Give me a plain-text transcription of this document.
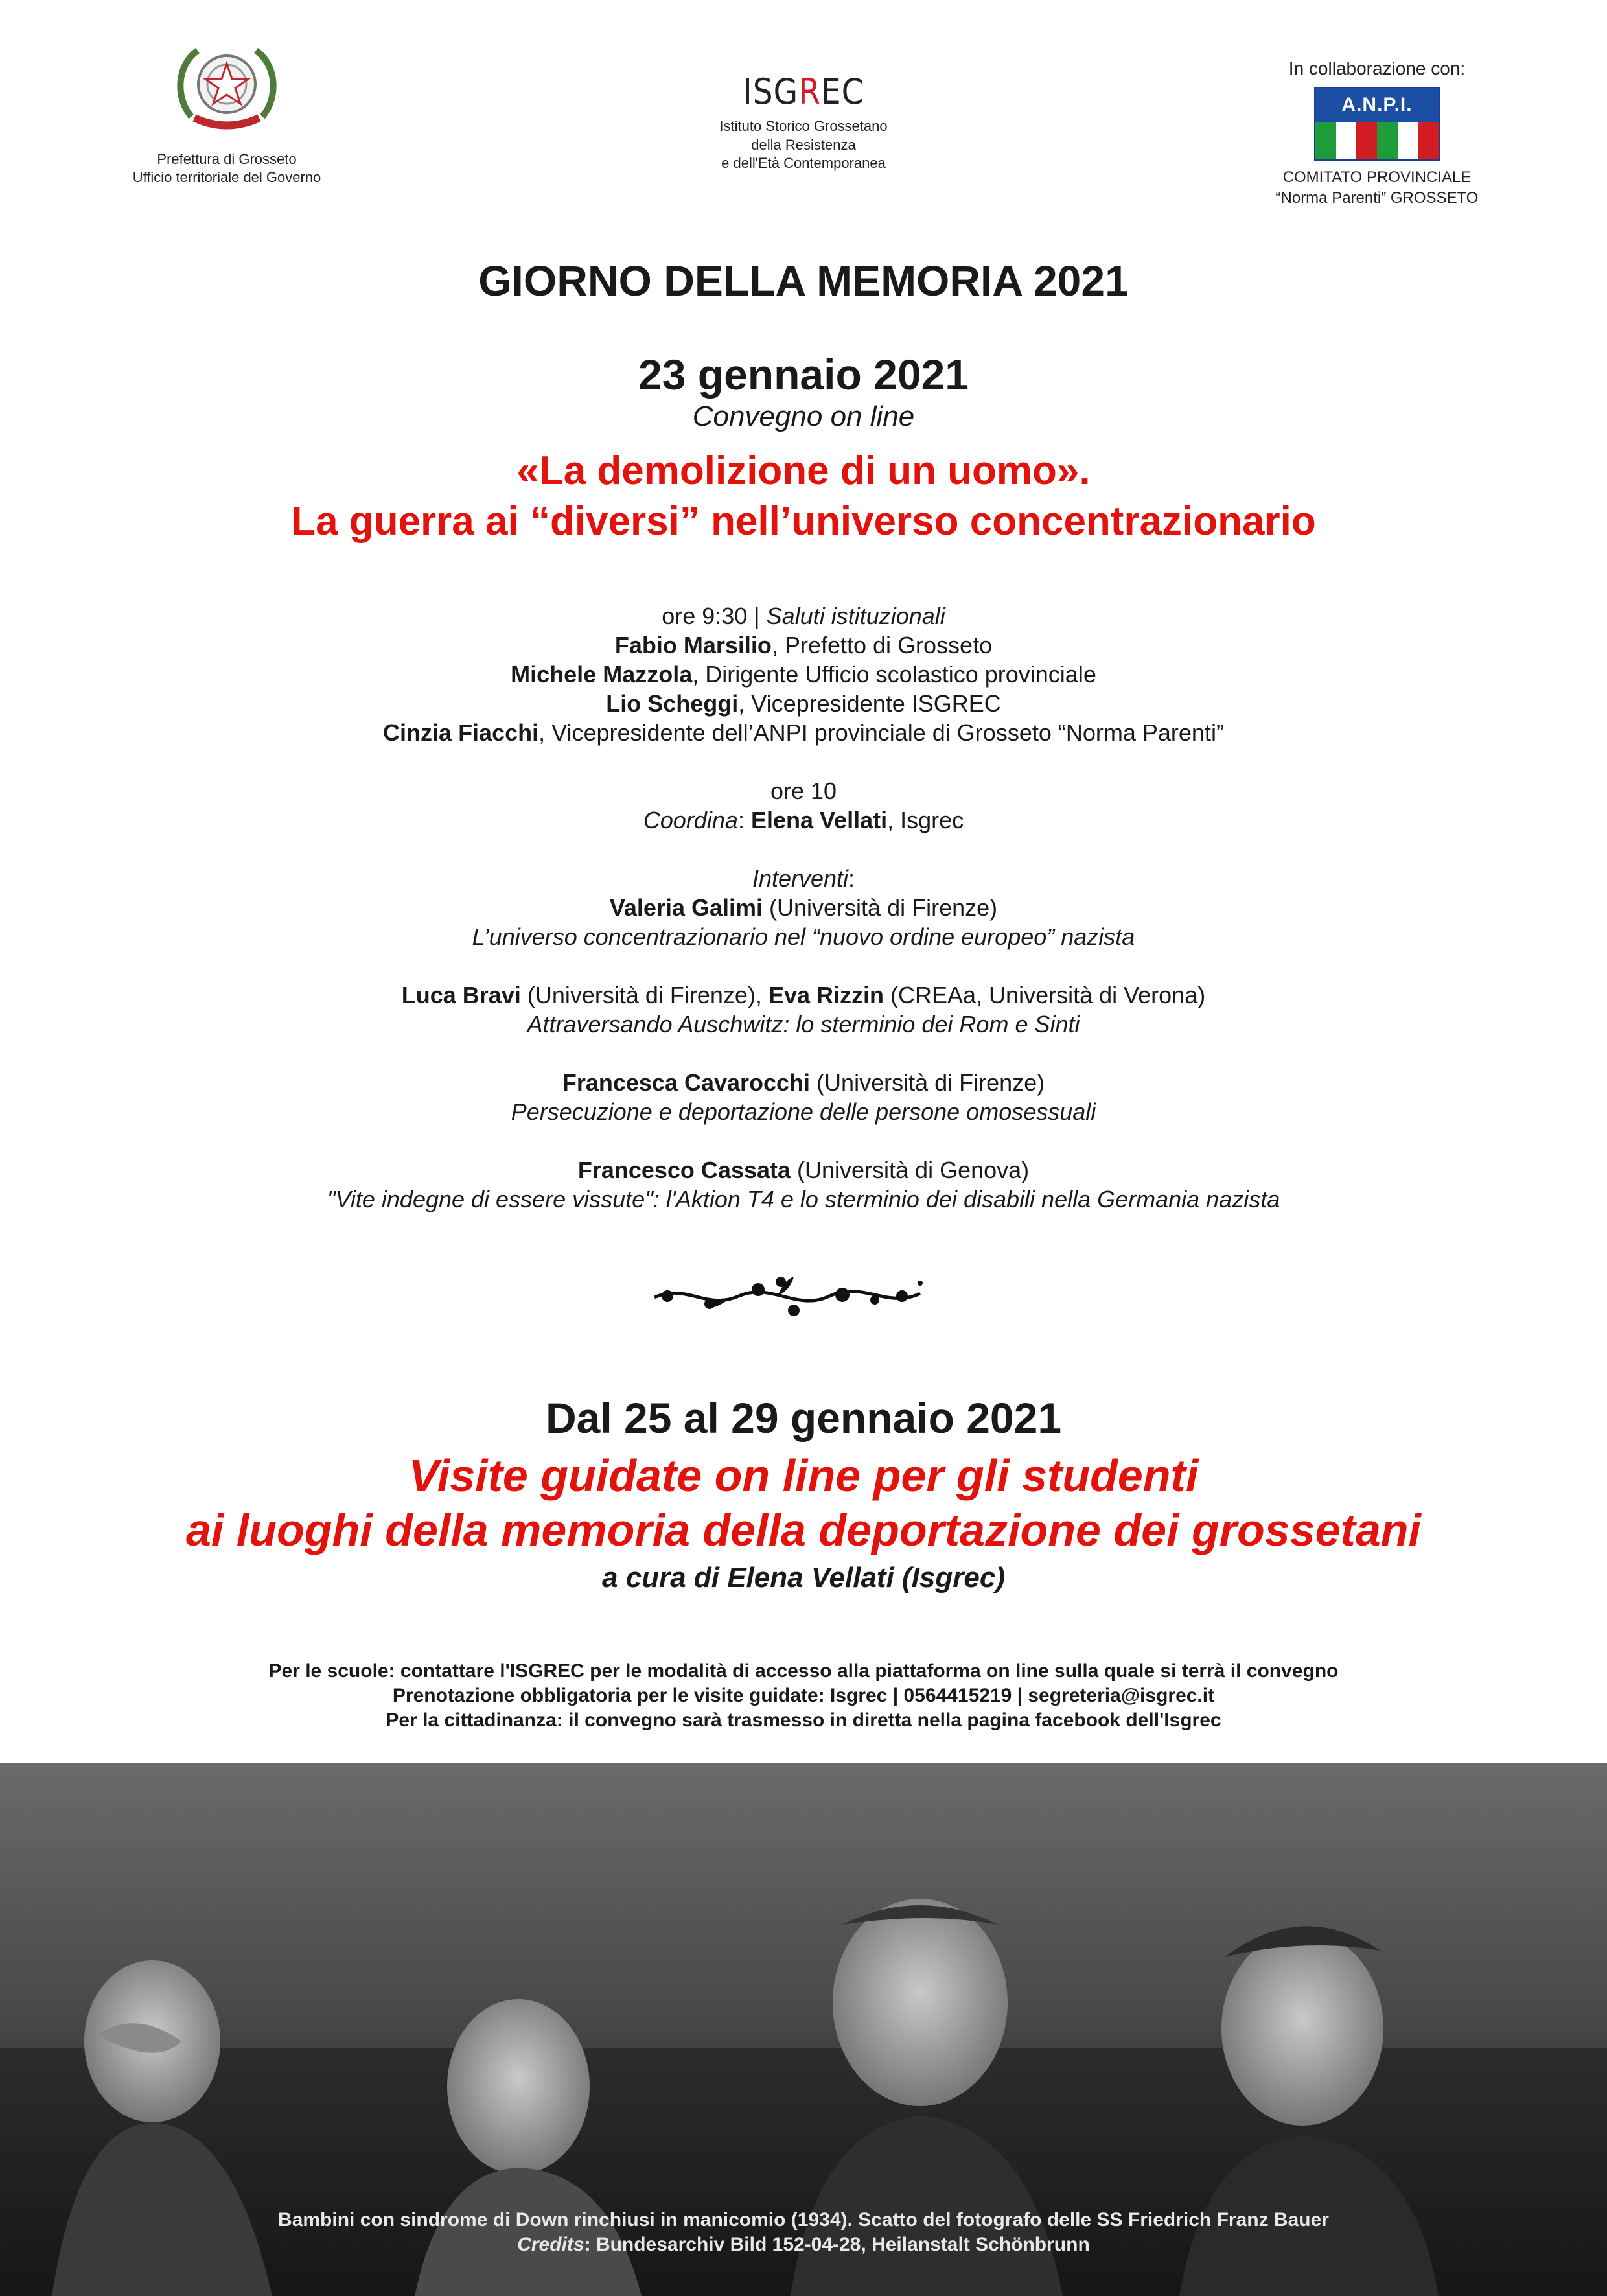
Prefettura di Grosseto
Ufficio territoriale del Governo
ISGREC
Istituto Storico Grossetano
della Resistenza
e dell'Età Contemporanea
In collaborazione con:
A.N.P.I.
COMITATO PROVINCIALE
“Norma Parenti” GROSSETO
GIORNO DELLA MEMORIA 2021
23 gennaio 2021
Convegno on line
«La demolizione di un uomo».
La guerra ai “diversi” nell’universo concentrazionario

ore 9:30 | Saluti istituzionali

Fabio Marsilio, Prefetto di Grosseto

Michele Mazzola, Dirigente Ufficio scolastico provinciale

Lio Scheggi, Vicepresidente ISGREC

Cinzia Fiacchi, Vicepresidente dell’ANPI provinciale di Grosseto “Norma Parenti”

ore 10

Coordina: Elena Vellati, Isgrec

Interventi:

Valeria Galimi (Università di Firenze)

L’universo concentrazionario nel “nuovo ordine europeo” nazista

Luca Bravi (Università di Firenze), Eva Rizzin (CREAa, Università di Verona)

Attraversando Auschwitz: lo sterminio dei Rom e Sinti

Francesca Cavarocchi (Università di Firenze)

Persecuzione e deportazione delle persone omosessuali

Francesco Cassata (Università di Genova)

"Vite indegne di essere vissute": l'Aktion T4 e lo sterminio dei disabili nella Germania nazista

Dal 25 al 29 gennaio 2021
Visite guidate on line per gli studenti
ai luoghi della memoria della deportazione dei grossetani
a cura di Elena Vellati (Isgrec)
Per le scuole: contattare l'ISGREC per le modalità di accesso alla piattaforma on line sulla quale si terrà il convegno
Prenotazione obbligatoria per le visite guidate: Isgrec | 0564415219 | segreteria@isgrec.it
Per la cittadinanza: il convegno sarà trasmesso in diretta nella pagina facebook dell'Isgrec
Bambini con sindrome di Down rinchiusi in manicomio (1934). Scatto del fotografo delle SS Friedrich Franz Bauer
Credits: Bundesarchiv Bild 152-04-28, Heilanstalt Schönbrunn
